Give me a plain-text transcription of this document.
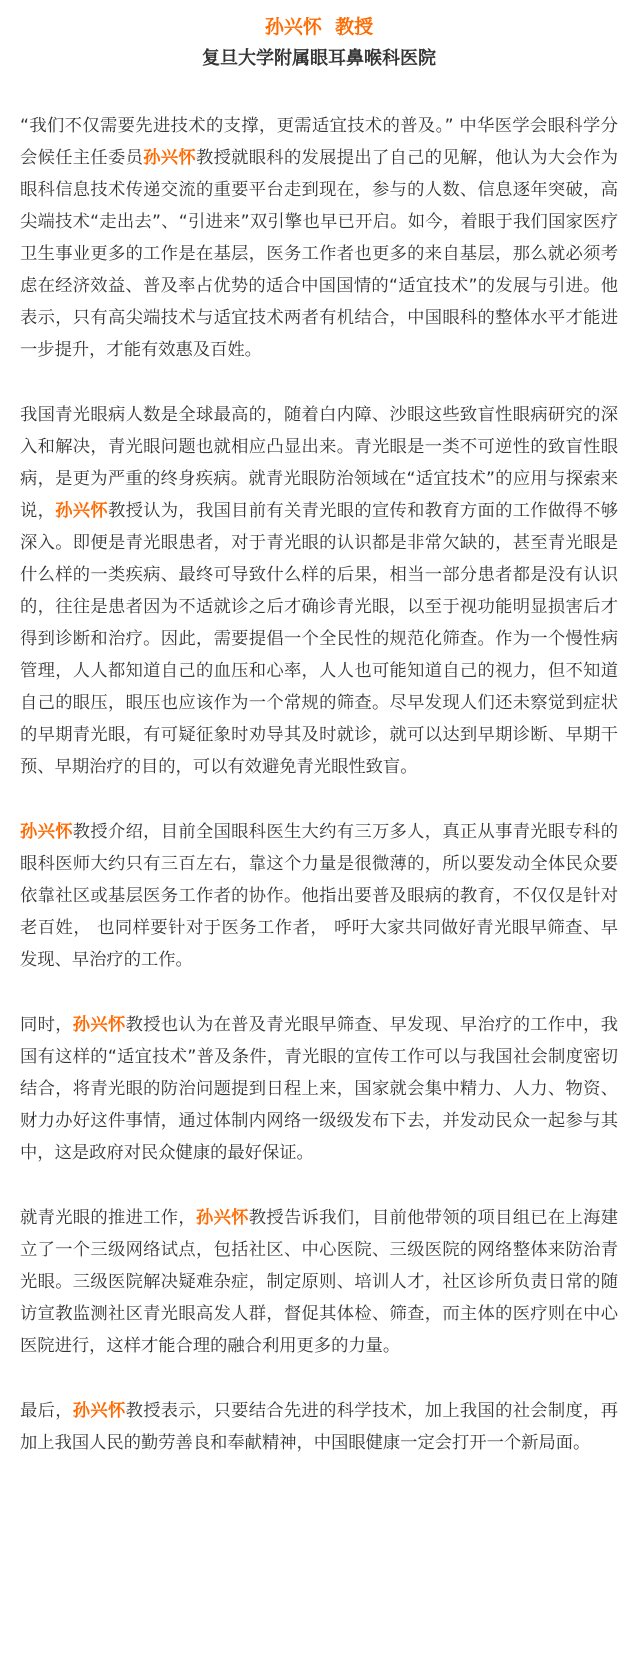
孙兴怀  教授
复旦大学附属眼耳鼻喉科医院

“我们不仅需要先进技术的支撑，更需适宜技术的普及。” 中华医学会眼科学分会候任主任委员孙兴怀教授就眼科的发展提出了自己的见解，他认为大会作为眼科信息技术传递交流的重要平台走到现在，参与的人数、信息逐年突破，高尖端技术“走出去”、“引进来”双引擎也早已开启。如今，着眼于我们国家医疗卫生事业更多的工作是在基层，医务工作者也更多的来自基层，那么就必须考虑在经济效益、普及率占优势的适合中国国情的“适宜技术”的发展与引进。他表示，只有高尖端技术与适宜技术两者有机结合，中国眼科的整体水平才能进一步提升，才能有效惠及百姓。

我国青光眼病人数是全球最高的，随着白内障、沙眼这些致盲性眼病研究的深入和解决，青光眼问题也就相应凸显出来。青光眼是一类不可逆性的致盲性眼病，是更为严重的终身疾病。就青光眼防治领域在“适宜技术”的应用与探索来说，孙兴怀教授认为，我国目前有关青光眼的宣传和教育方面的工作做得不够深入。即便是青光眼患者，对于青光眼的认识都是非常欠缺的，甚至青光眼是什么样的一类疾病、最终可导致什么样的后果，相当一部分患者都是没有认识的，往往是患者因为不适就诊之后才确诊青光眼，以至于视功能明显损害后才得到诊断和治疗。因此，需要提倡一个全民性的规范化筛查。作为一个慢性病管理，人人都知道自己的血压和心率，人人也可能知道自己的视力，但不知道自己的眼压，眼压也应该作为一个常规的筛查。尽早发现人们还未察觉到症状的早期青光眼，有可疑征象时劝导其及时就诊，就可以达到早期诊断、早期干预、早期治疗的目的，可以有效避免青光眼性致盲。

孙兴怀教授介绍，目前全国眼科医生大约有三万多人，真正从事青光眼专科的眼科医师大约只有三百左右，靠这个力量是很微薄的，所以要发动全体民众要依靠社区或基层医务工作者的协作。他指出要普及眼病的教育，不仅仅是针对老百姓， 也同样要针对于医务工作者， 呼吁大家共同做好青光眼早筛查、早发现、早治疗的工作。

同时，孙兴怀教授也认为在普及青光眼早筛查、早发现、早治疗的工作中，我国有这样的“适宜技术”普及条件，青光眼的宣传工作可以与我国社会制度密切结合，将青光眼的防治问题提到日程上来，国家就会集中精力、人力、物资、财力办好这件事情，通过体制内网络一级级发布下去，并发动民众一起参与其中，这是政府对民众健康的最好保证。

就青光眼的推进工作，孙兴怀教授告诉我们，目前他带领的项目组已在上海建立了一个三级网络试点，包括社区、中心医院、三级医院的网络整体来防治青光眼。三级医院解决疑难杂症，制定原则、培训人才，社区诊所负责日常的随访宣教监测社区青光眼高发人群，督促其体检、筛查，而主体的医疗则在中心医院进行，这样才能合理的融合利用更多的力量。

最后，孙兴怀教授表示，只要结合先进的科学技术，加上我国的社会制度，再加上我国人民的勤劳善良和奉献精神，中国眼健康一定会打开一个新局面。
